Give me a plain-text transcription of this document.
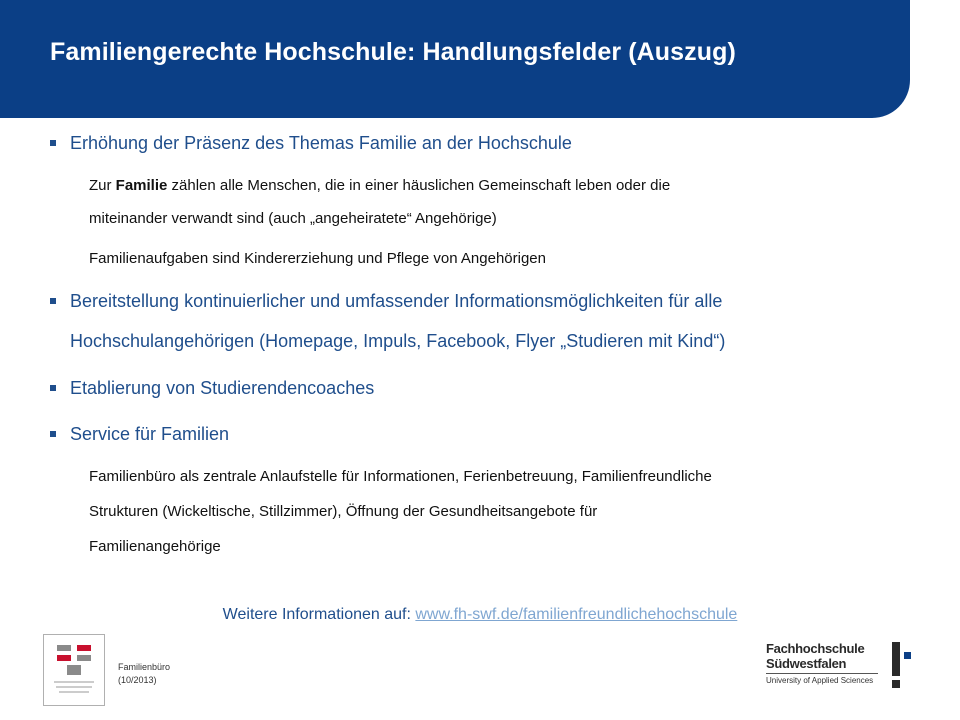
Familiengerechte Hochschule: Handlungsfelder (Auszug)
Erhöhung der Präsenz des Themas Familie an der Hochschule
Zur Familie zählen alle Menschen, die in einer häuslichen Gemeinschaft leben oder die
miteinander verwandt sind (auch „angeheiratete“ Angehörige)
Familienaufgaben sind Kindererziehung und Pflege von Angehörigen
Bereitstellung kontinuierlicher und umfassender Informationsmöglichkeiten für alle
Hochschulangehörigen (Homepage, Impuls, Facebook, Flyer „Studieren mit Kind“)
Etablierung von Studierendencoaches
Service für Familien
Familienbüro als zentrale Anlaufstelle für Informationen, Ferienbetreuung, Familienfreundliche
Strukturen (Wickeltische, Stillzimmer), Öffnung der Gesundheitsangebote für
Familienangehörige
Weitere Informationen auf: www.fh-swf.de/familienfreundlichehochschule
Familienbüro
(10/2013)
Fachhochschule
Südwestfalen
University of Applied Sciences
